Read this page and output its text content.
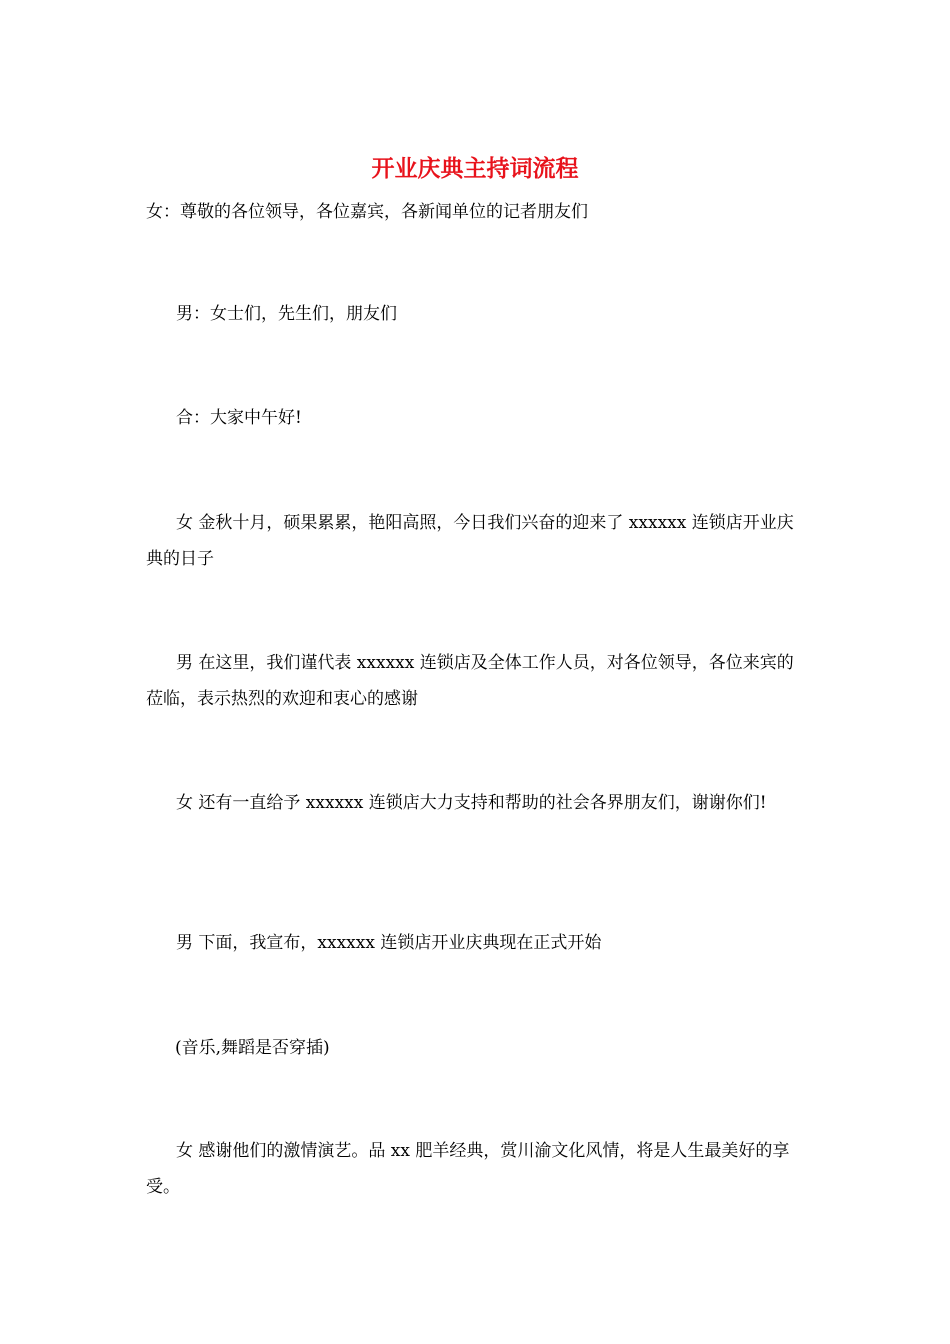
开业庆典主持词流程

女：尊敬的各位领导，各位嘉宾，各新闻单位的记者朋友们

男：女士们，先生们，朋友们

合：大家中午好!

女 金秋十月，硕果累累，艳阳高照，今日我们兴奋的迎来了 xxxxxx 连锁店开业庆典的日子

男 在这里，我们谨代表 xxxxxx 连锁店及全体工作人员，对各位领导，各位来宾的莅临，表示热烈的欢迎和衷心的感谢

女 还有一直给予 xxxxxx 连锁店大力支持和帮助的社会各界朋友们，谢谢你们!

男 下面，我宣布，xxxxxx 连锁店开业庆典现在正式开始

(音乐,舞蹈是否穿插)

女 感谢他们的激情演艺。品 xx 肥羊经典，赏川渝文化风情，将是人生最美好的享受。
